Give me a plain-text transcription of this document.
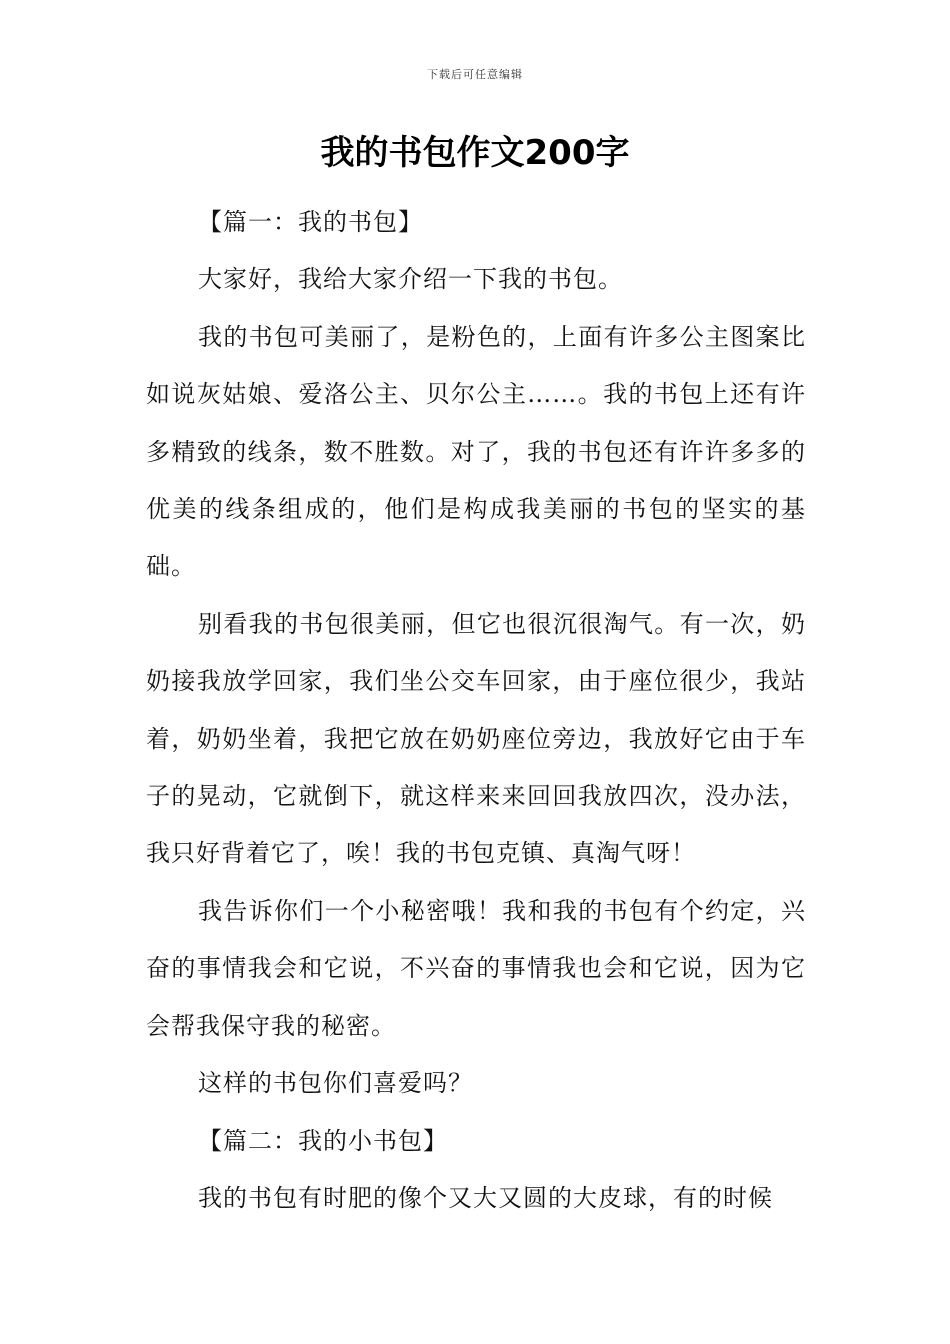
下载后可任意编辑
我的书包作文200字

【篇一：我的书包】

大家好，我给大家介绍一下我的书包。

我的书包可美丽了，是粉色的，上面有许多公主图案比如说灰姑娘、爱洛公主、贝尔公主……。我的书包上还有许多精致的线条，数不胜数。对了，我的书包还有许许多多的优美的线条组成的，他们是构成我美丽的书包的坚实的基础。

别看我的书包很美丽，但它也很沉很淘气。有一次，奶奶接我放学回家，我们坐公交车回家，由于座位很少，我站着，奶奶坐着，我把它放在奶奶座位旁边，我放好它由于车子的晃动，它就倒下，就这样来来回回我放四次，没办法，我只好背着它了，唉！我的书包克镇、真淘气呀！

我告诉你们一个小秘密哦！我和我的书包有个约定，兴奋的事情我会和它说，不兴奋的事情我也会和它说，因为它会帮我保守我的秘密。

这样的书包你们喜爱吗？

【篇二：我的小书包】

我的书包有时肥的像个又大又圆的大皮球，有的时候
